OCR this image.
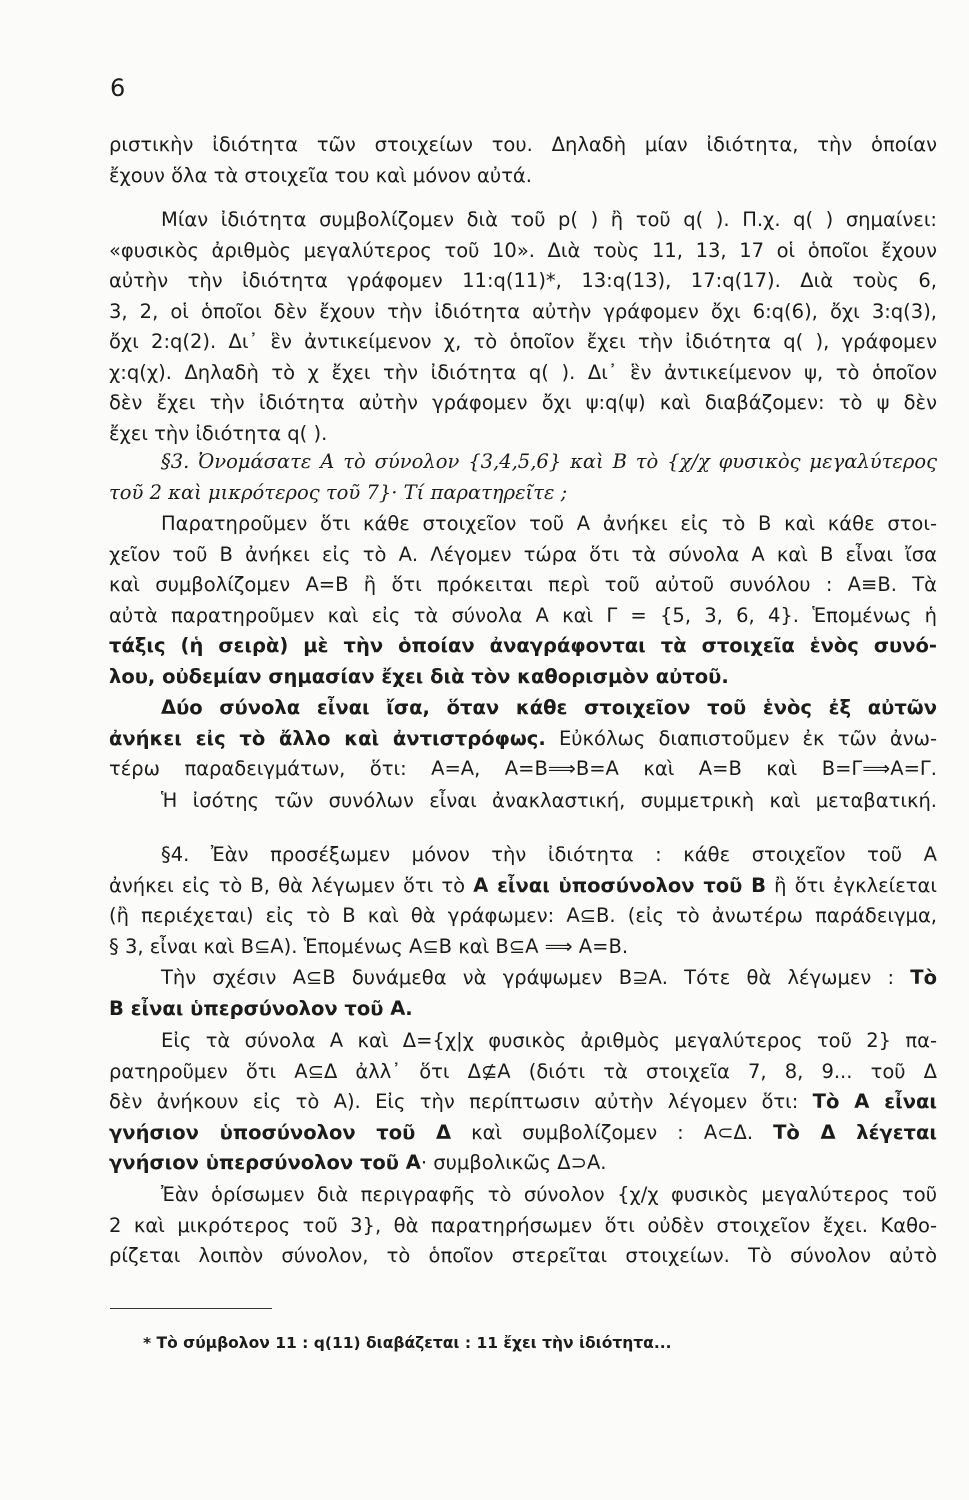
6
ριστικὴν ἰδιότητα τῶν στοιχείων του. Δηλαδὴ μίαν ἰδιότητα, τὴν ὁποίαν
ἔχουν ὅλα τὰ στοιχεῖα του καὶ μόνον αὐτά.
Μίαν ἰδιότητα συμβολίζομεν διὰ τοῦ p( ) ἢ τοῦ q( ). Π.χ. q( ) σημαίνει:
«φυσικὸς ἀριθμὸς μεγαλύτερος τοῦ 10». Διὰ τοὺς 11, 13, 17 οἱ ὁποῖοι ἔχουν
αὐτὴν τὴν ἰδιότητα γράφομεν 11:q(11)*, 13:q(13), 17:q(17). Διὰ τοὺς 6,
3, 2, οἱ ὁποῖοι δὲν ἔχουν τὴν ἰδιότητα αὐτὴν γράφομεν ὄχι 6:q(6), ὄχι 3:q(3),
ὄχι 2:q(2). Δι᾿ ἓν ἀντικείμενον χ, τὸ ὁποῖον ἔχει τὴν ἰδιότητα q( ), γράφομεν
χ:q(χ). Δηλαδὴ τὸ χ ἔχει τὴν ἰδιότητα q( ). Δι᾿ ἓν ἀντικείμενον ψ, τὸ ὁποῖον
δὲν ἔχει τὴν ἰδιότητα αὐτὴν γράφομεν ὄχι ψ:q(ψ) καὶ διαβάζομεν: τὸ ψ δὲν
ἔχει τὴν ἰδιότητα q( ).
§3. Ὀνομάσατε Α τὸ σύνολον {3,4,5,6} καὶ Β τὸ {χ/χ φυσικὸς μεγαλύτερος
τοῦ 2 καὶ μικρότερος τοῦ 7}· Τί παρατηρεῖτε ;
Παρατηροῦμεν ὅτι κάθε στοιχεῖον τοῦ Α ἀνήκει εἰς τὸ Β καὶ κάθε στοι-
χεῖον τοῦ Β ἀνήκει εἰς τὸ Α. Λέγομεν τώρα ὅτι τὰ σύνολα Α καὶ Β εἶναι ἴσα
καὶ συμβολίζομεν Α=Β ἢ ὅτι πρόκειται περὶ τοῦ αὐτοῦ συνόλου : Α≡Β. Τὰ
αὐτὰ παρατηροῦμεν καὶ εἰς τὰ σύνολα Α καὶ Γ = {5, 3, 6, 4}. Ἑπομένως ἡ
τάξις (ἡ σειρὰ) μὲ τὴν ὁποίαν ἀναγράφονται τὰ στοιχεῖα ἑνὸς συνό-
λου, οὐδεμίαν σημασίαν ἔχει διὰ τὸν καθορισμὸν αὐτοῦ.
Δύο σύνολα εἶναι ἴσα, ὅταν κάθε στοιχεῖον τοῦ ἑνὸς ἐξ αὐτῶν
ἀνήκει εἰς τὸ ἄλλο καὶ ἀντιστρόφως. Εὐκόλως διαπιστοῦμεν ἐκ τῶν ἀνω-
τέρω παραδειγμάτων, ὅτι: Α=Α, Α=Β⟹Β=Α καὶ Α=Β καὶ Β=Γ⟹Α=Γ.
Ἡ ἰσότης τῶν συνόλων εἶναι ἀνακλαστική, συμμετρικὴ καὶ μεταβατική.
§4. Ἐὰν προσέξωμεν μόνον τὴν ἰδιότητα : κάθε στοιχεῖον τοῦ Α
ἀνήκει εἰς τὸ Β, θὰ λέγωμεν ὅτι τὸ Α εἶναι ὑποσύνολον τοῦ Β ἢ ὅτι ἐγκλείεται
(ἢ περιέχεται) εἰς τὸ Β καὶ θὰ γράφωμεν: Α⊆Β. (εἰς τὸ ἀνωτέρω παράδειγμα,
§ 3, εἶναι καὶ Β⊆Α). Ἑπομένως Α⊆Β καὶ Β⊆Α ⟹ Α=Β.
Τὴν σχέσιν Α⊆Β δυνάμεθα νὰ γράψωμεν Β⊇Α. Τότε θὰ λέγωμεν : Τὸ
Β εἶναι ὑπερσύνολον τοῦ Α.
Εἰς τὰ σύνολα Α καὶ Δ={χ|χ φυσικὸς ἀριθμὸς μεγαλύτερος τοῦ 2} πα-
ρατηροῦμεν ὅτι Α⊆Δ ἀλλ᾿ ὅτι Δ⊈Α (διότι τὰ στοιχεῖα 7, 8, 9... τοῦ Δ
δὲν ἀνήκουν εἰς τὸ Α). Εἰς τὴν περίπτωσιν αὐτὴν λέγομεν ὅτι: Τὸ Α εἶναι
γνήσιον ὑποσύνολον τοῦ Δ καὶ συμβολίζομεν : Α⊂Δ. Τὸ Δ λέγεται
γνήσιον ὑπερσύνολον τοῦ Α· συμβολικῶς Δ⊃Α.
Ἐὰν ὁρίσωμεν διὰ περιγραφῆς τὸ σύνολον {χ/χ φυσικὸς μεγαλύτερος τοῦ
2 καὶ μικρότερος τοῦ 3}, θὰ παρατηρήσωμεν ὅτι οὐδὲν στοιχεῖον ἔχει. Καθο-
ρίζεται λοιπὸν σύνολον, τὸ ὁποῖον στερεῖται στοιχείων. Τὸ σύνολον αὐτὸ
* Τὸ σύμβολον 11 : q(11) διαβάζεται : 11 ἔχει τὴν ἰδιότητα...
